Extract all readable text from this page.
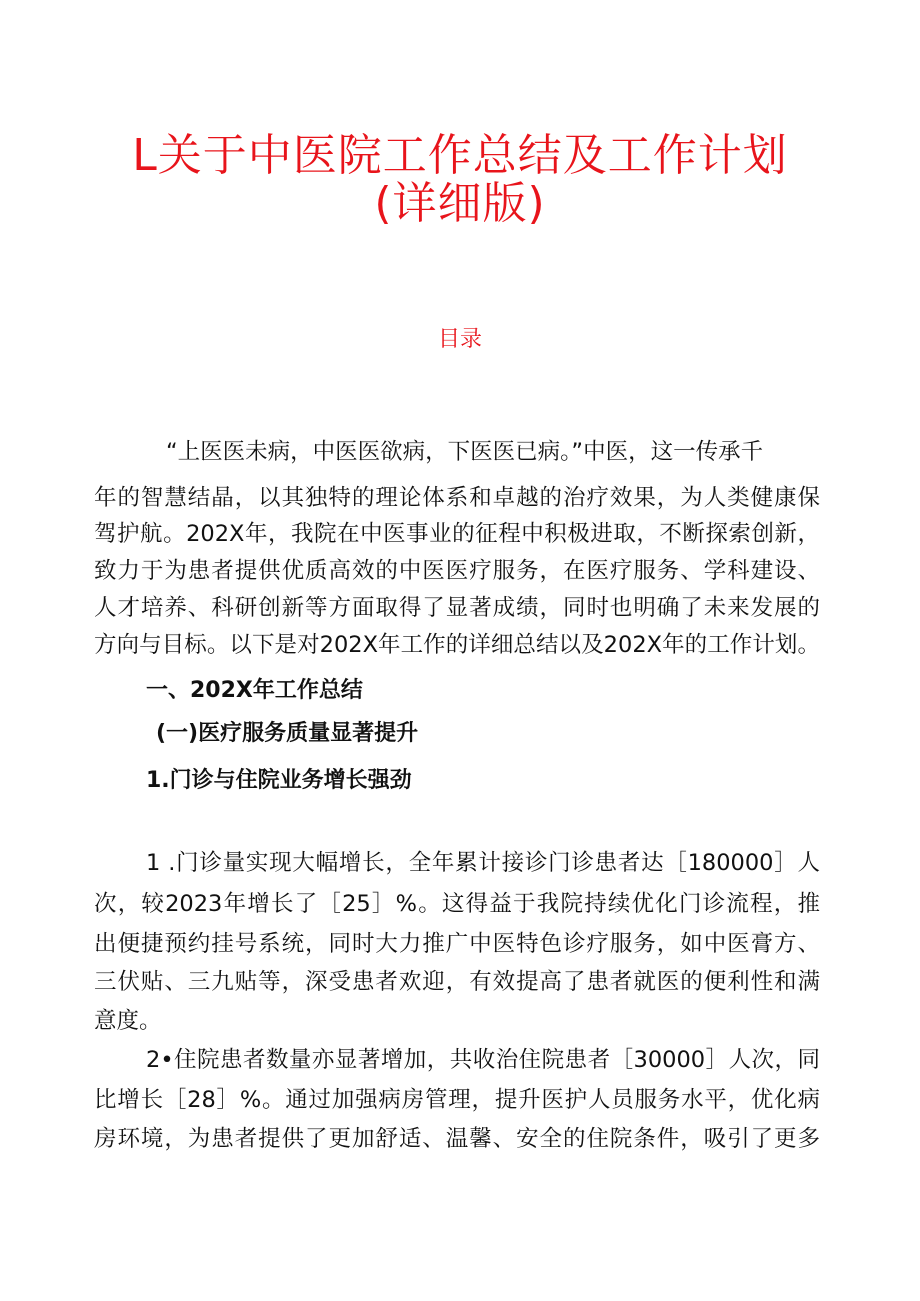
L关于中医院工作总结及工作计划
(详细版)
目录
“上医医未病，中医医欲病，下医医已病。”中医，这一传承千
年的智慧结晶，以其独特的理论体系和卓越的治疗效果，为人类健康保
驾护航。202X年，我院在中医事业的征程中积极进取，不断探索创新，
致力于为患者提供优质高效的中医医疗服务，在医疗服务、学科建设、
人才培养、科研创新等方面取得了显著成绩，同时也明确了未来发展的
方向与目标。以下是对202X年工作的详细总结以及202X年的工作计划。
一、202X年工作总结
(一)医疗服务质量显著提升
1.门诊与住院业务增长强劲
1 .门诊量实现大幅增长，全年累计接诊门诊患者达［180000］人
次，较2023年增长了［25］%。这得益于我院持续优化门诊流程，推
出便捷预约挂号系统，同时大力推广中医特色诊疗服务，如中医膏方、
三伏贴、三九贴等，深受患者欢迎，有效提高了患者就医的便利性和满
意度。
2•住院患者数量亦显著增加，共收治住院患者［30000］人次，同
比增长［28］%。通过加强病房管理，提升医护人员服务水平，优化病
房环境，为患者提供了更加舒适、温馨、安全的住院条件，吸引了更多
